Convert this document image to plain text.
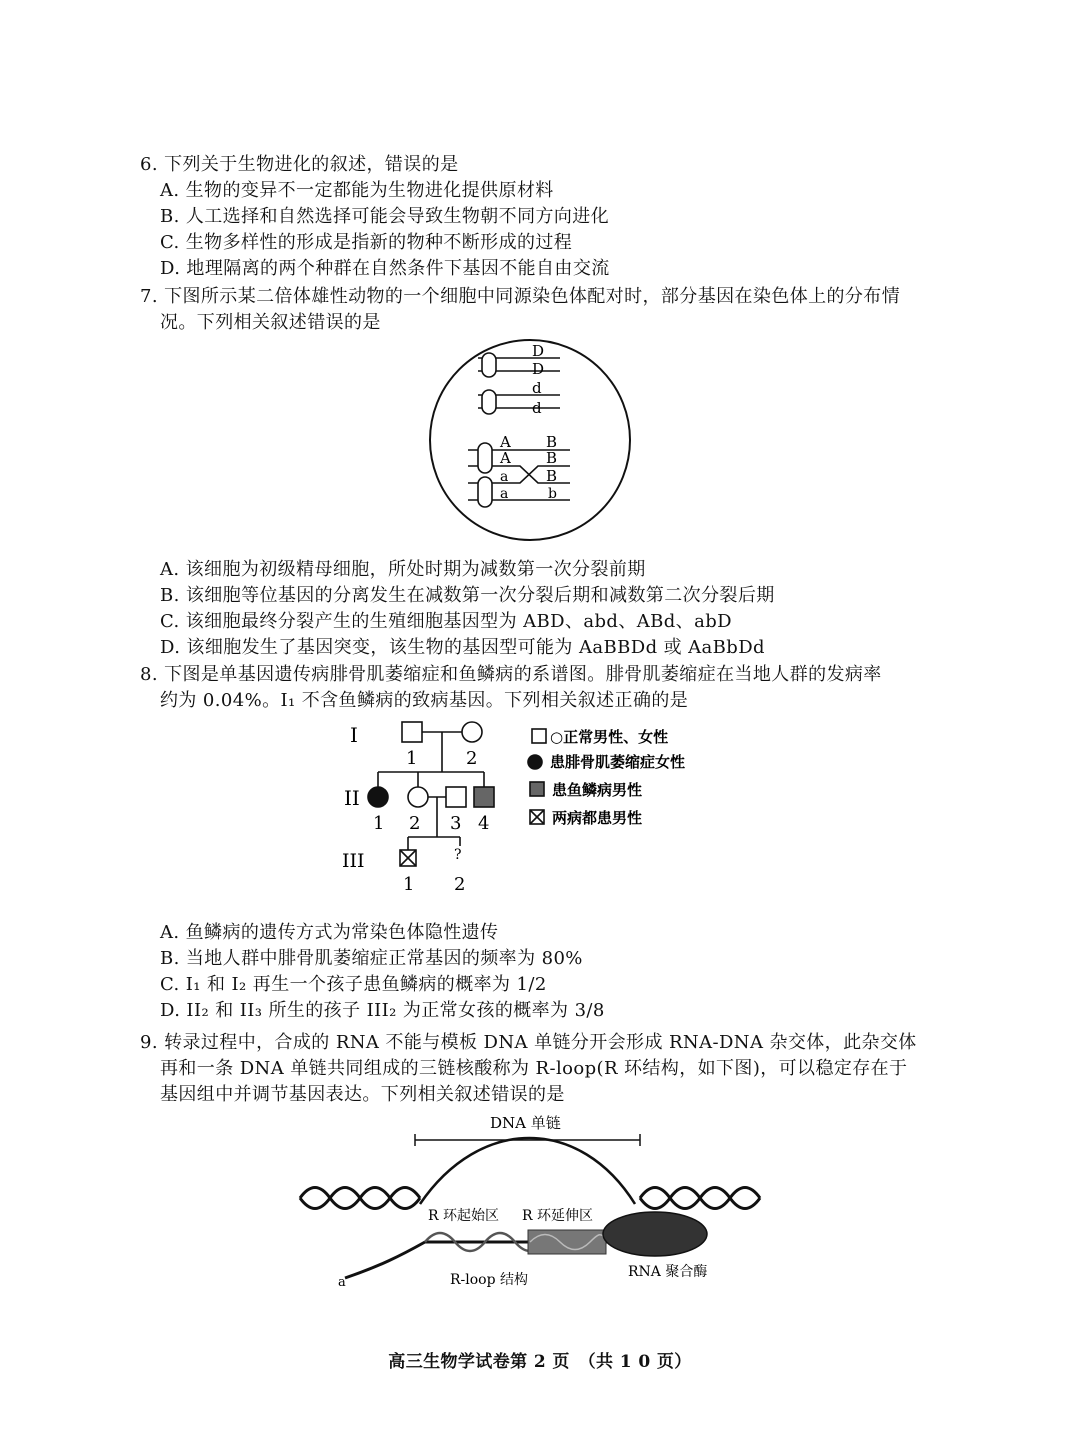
6. 下列关于生物进化的叙述，错误的是
A. 生物的变异不一定都能为生物进化提供原材料
B. 人工选择和自然选择可能会导致生物朝不同方向进化
C. 生物多样性的形成是指新的物种不断形成的过程
D. 地理隔离的两个种群在自然条件下基因不能自由交流
7. 下图所示某二倍体雄性动物的一个细胞中同源染色体配对时，部分基因在染色体上的分布情
况。下列相关叙述错误的是
D
D
d
d
A
A
a
a
B
B
B
b
A. 该细胞为初级精母细胞，所处时期为减数第一次分裂前期
B. 该细胞等位基因的分离发生在减数第一次分裂后期和减数第二次分裂后期
C. 该细胞最终分裂产生的生殖细胞基因型为 ABD、abd、ABd、abD
D. 该细胞发生了基因突变，该生物的基因型可能为 AaBBDd 或 AaBbDd
8. 下图是单基因遗传病腓骨肌萎缩症和鱼鳞病的系谱图。腓骨肌萎缩症在当地人群的发病率
约为 0.04%。I₁ 不含鱼鳞病的致病基因。下列相关叙述正确的是
I
II
III
1	2
1 2 3 4
?
1 2
○正常男性、女性
患腓骨肌萎缩症女性
患鱼鳞病男性
两病都患男性
A. 鱼鳞病的遗传方式为常染色体隐性遗传
B. 当地人群中腓骨肌萎缩症正常基因的频率为 80%
C. I₁ 和 I₂ 再生一个孩子患鱼鳞病的概率为 1/2
D. II₂ 和 II₃ 所生的孩子 III₂ 为正常女孩的概率为 3/8
9. 转录过程中，合成的 RNA 不能与模板 DNA 单链分开会形成 RNA-DNA 杂交体，此杂交体
再和一条 DNA 单链共同组成的三链核酸称为 R-loop(R 环结构，如下图)，可以稳定存在于
基因组中并调节基因表达。下列相关叙述错误的是
DNA 单链
R 环起始区 R 环延伸区
RNA 聚合酶
R-loop 结构
a
高三生物学试卷第 2 页　（共 1 0 页）
